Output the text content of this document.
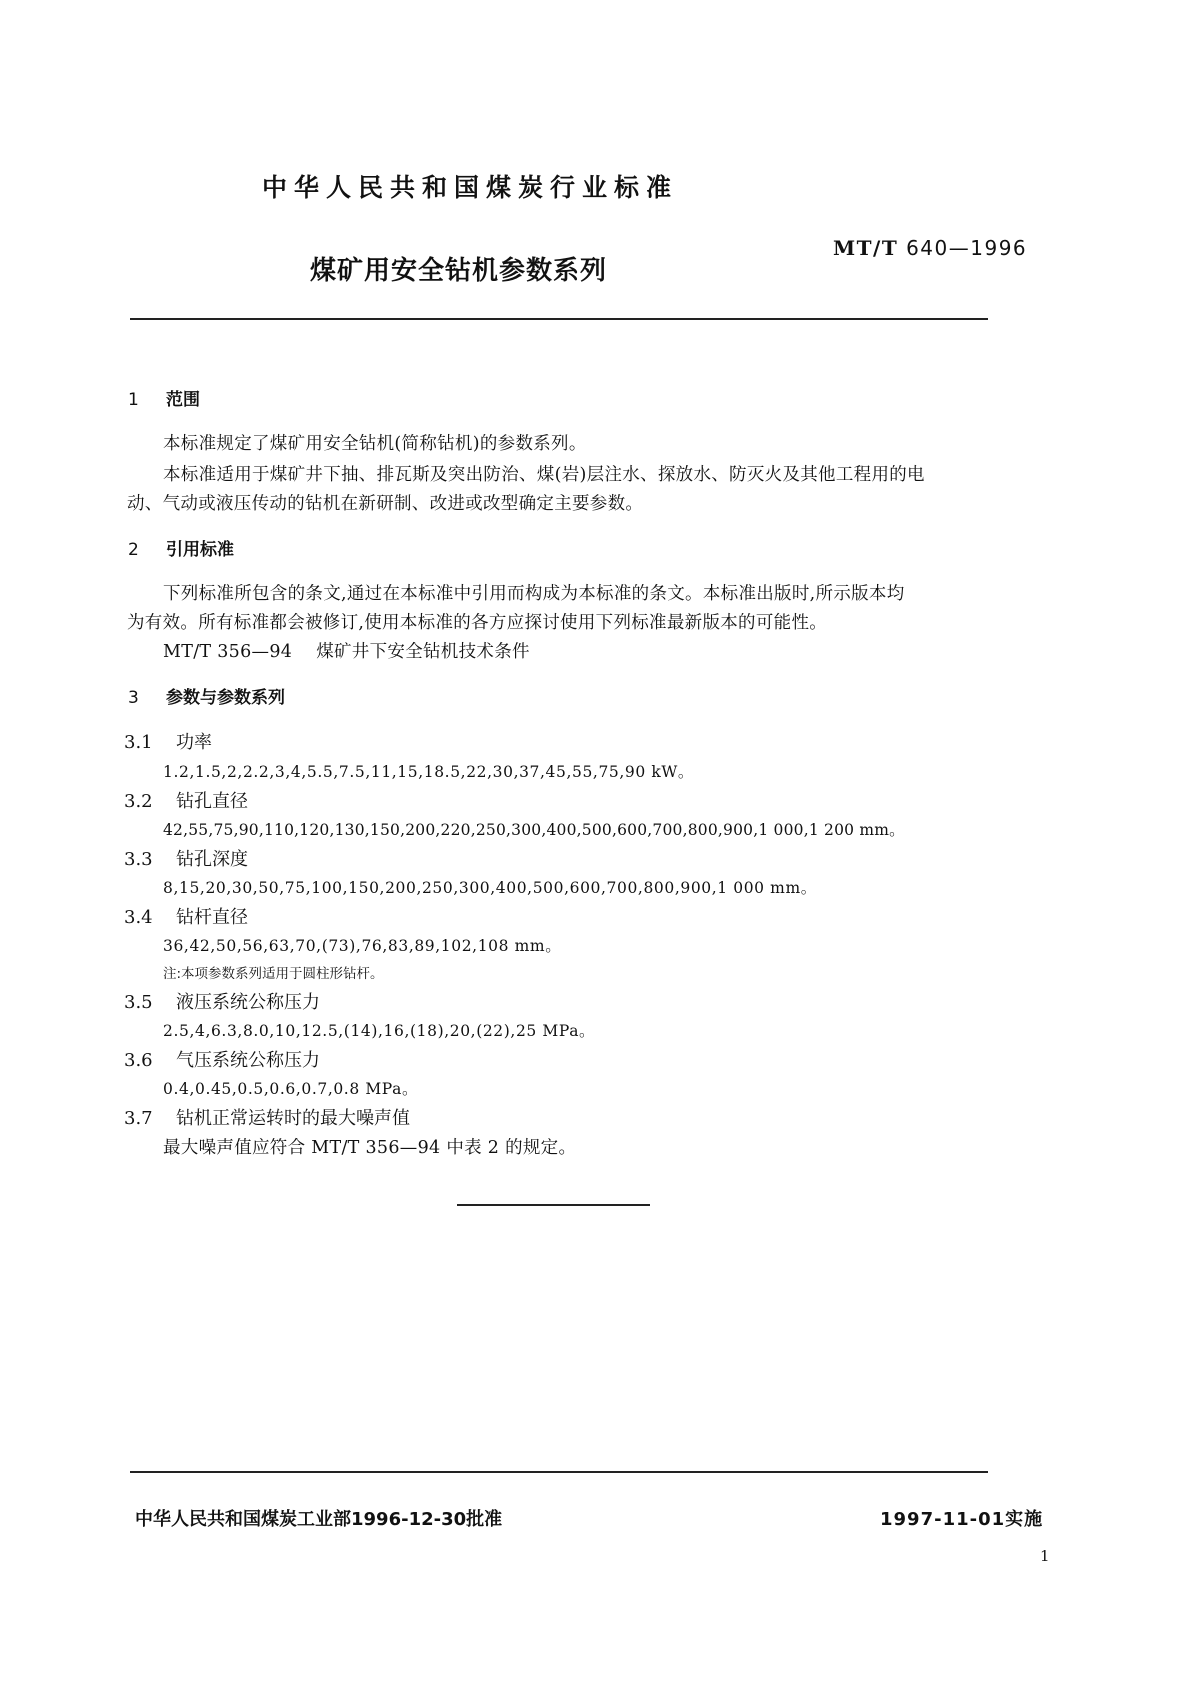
中华人民共和国煤炭行业标准
煤矿用安全钻机参数系列
MT/T 640—1996
1 范围
本标准规定了煤矿用安全钻机(简称钻机)的参数系列。
本标准适用于煤矿井下抽、排瓦斯及突出防治、煤(岩)层注水、探放水、防灭火及其他工程用的电
动、气动或液压传动的钻机在新研制、改进或改型确定主要参数。
2 引用标准
下列标准所包含的条文,通过在本标准中引用而构成为本标准的条文。本标准出版时,所示版本均
为有效。所有标准都会被修订,使用本标准的各方应探讨使用下列标准最新版本的可能性。
MT/T 356—94 煤矿井下安全钻机技术条件
3 参数与参数系列
3.1 功率
1.2,1.5,2,2.2,3,4,5.5,7.5,11,15,18.5,22,30,37,45,55,75,90 kW。
3.2 钻孔直径
42,55,75,90,110,120,130,150,200,220,250,300,400,500,600,700,800,900,1 000,1 200 mm。
3.3 钻孔深度
8,15,20,30,50,75,100,150,200,250,300,400,500,600,700,800,900,1 000 mm。
3.4 钻杆直径
36,42,50,56,63,70,(73),76,83,89,102,108 mm。
注:本项参数系列适用于圆柱形钻杆。
3.5 液压系统公称压力
2.5,4,6.3,8.0,10,12.5,(14),16,(18),20,(22),25 MPa。
3.6 气压系统公称压力
0.4,0.45,0.5,0.6,0.7,0.8 MPa。
3.7 钻机正常运转时的最大噪声值
最大噪声值应符合 MT/T 356—94 中表 2 的规定。
中华人民共和国煤炭工业部1996-12-30批准	1997-11-01实施
1
